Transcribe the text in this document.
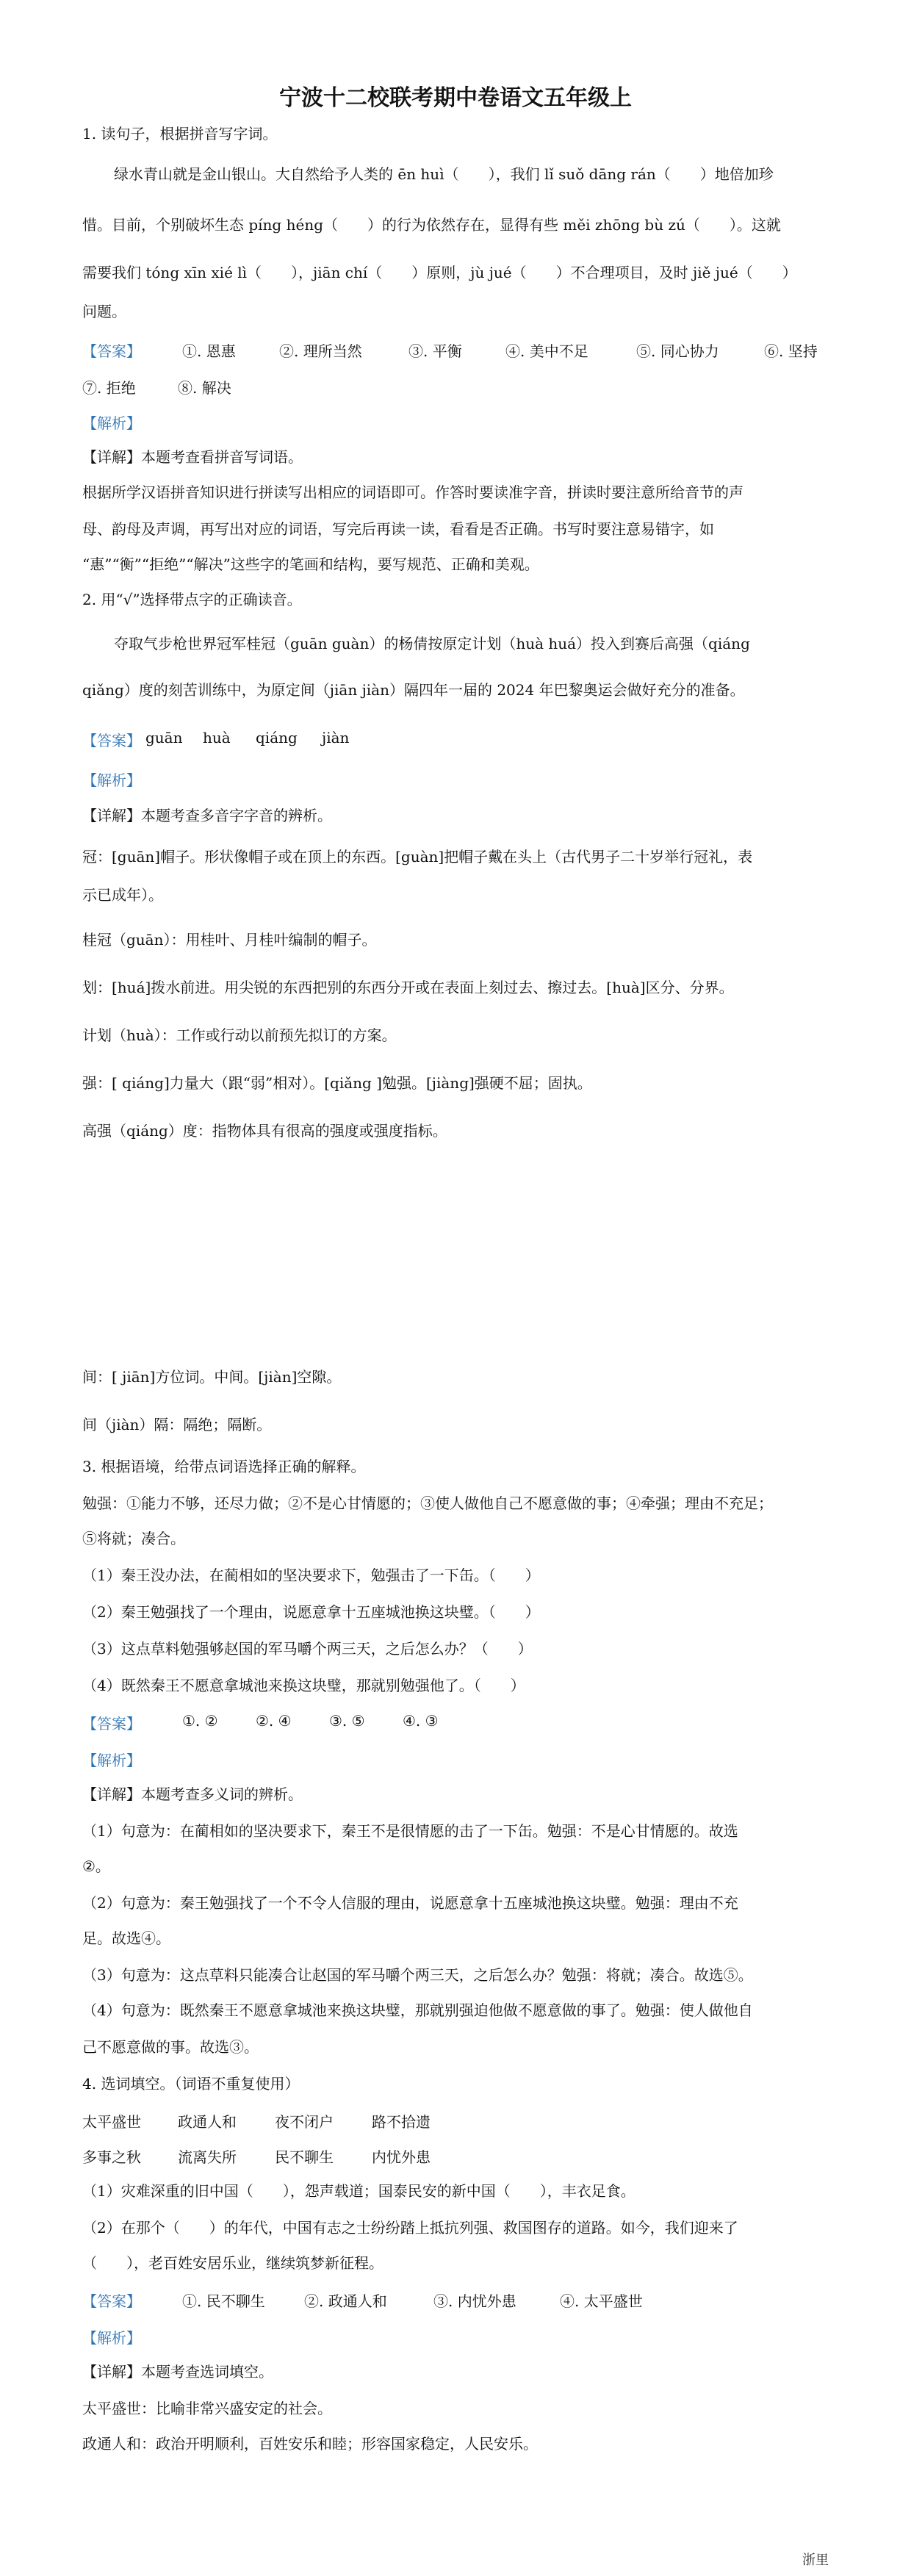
宁波十二校联考期中卷语文五年级上
1. 读句子，根据拼音写字词。
绿水青山就是金山银山。大自然给予人类的 ēn huì（　　），我们 lǐ suǒ dāng rán（　　）地倍加珍
惜。目前，个别破坏生态 píng héng（　　）的行为依然存在，显得有些 měi zhōng bù zú（　　）。这就
需要我们 tóng xīn xié lì（　　），jiān chí（　　）原则，jù jué（　　）不合理项目，及时 jiě jué（　　）
问题。
【答案】	①. 恩惠	②. 理所当然	③. 平衡	④. 美中不足	⑤. 同心协力	⑥. 坚持
⑦. 拒绝	⑧. 解决
【解析】
【详解】本题考查看拼音写词语。
根据所学汉语拼音知识进行拼读写出相应的词语即可。作答时要读准字音，拼读时要注意所给音节的声
母、韵母及声调，再写出对应的词语，写完后再读一读，看看是否正确。书写时要注意易错字，如
“惠”“衡”“拒绝”“解决”这些字的笔画和结构，要写规范、正确和美观。
2. 用“√”选择带点字的正确读音。
夺取气步枪世界冠军桂冠（guān guàn）的杨倩按原定计划（huà huá）投入到赛后高强（qiáng
qiǎng）度的刻苦训练中，为原定间（jiān jiàn）隔四年一届的 2024 年巴黎奥运会做好充分的准备。
【答案】 guān huà qiáng jiàn
【解析】
【详解】本题考查多音字字音的辨析。
冠：[guān]帽子。形状像帽子或在顶上的东西。[guàn]把帽子戴在头上（古代男子二十岁举行冠礼，表
示已成年）。
桂冠（guān）：用桂叶、月桂叶编制的帽子。
划：[huá]拨水前进。用尖锐的东西把别的东西分开或在表面上刻过去、擦过去。[huà]区分、分界。
计划（huà）：工作或行动以前预先拟订的方案。
强：[ qiáng]力量大（跟“弱”相对）。[qiǎng ]勉强。[jiàng]强硬不屈；固执。
高强（qiáng）度：指物体具有很高的强度或强度指标。
间：[ jiān]方位词。中间。[jiàn]空隙。
间（jiàn）隔：隔绝；隔断。
3. 根据语境，给带点词语选择正确的解释。
勉强：①能力不够，还尽力做；②不是心甘情愿的；③使人做他自己不愿意做的事；④牵强；理由不充足；
⑤将就；凑合。
（1）秦王没办法，在蔺相如的坚决要求下，勉强击了一下缶。（　　）
（2）秦王勉强找了一个理由，说愿意拿十五座城池换这块璧。（　　）
（3）这点草料勉强够赵国的军马嚼个两三天，之后怎么办？（　　）
（4）既然秦王不愿意拿城池来换这块璧，那就别勉强他了。（　　）
【答案】	①. ②	②. ④	③. ⑤	④. ③
【解析】
【详解】本题考查多义词的辨析。
（1）句意为：在蔺相如的坚决要求下，秦王不是很情愿的击了一下缶。勉强：不是心甘情愿的。故选
②。
（2）句意为：秦王勉强找了一个不令人信服的理由，说愿意拿十五座城池换这块璧。勉强：理由不充
足。故选④。
（3）句意为：这点草料只能凑合让赵国的军马嚼个两三天，之后怎么办？勉强：将就；凑合。故选⑤。
（4）句意为：既然秦王不愿意拿城池来换这块璧，那就别强迫他做不愿意做的事了。勉强：使人做他自
己不愿意做的事。故选③。
4. 选词填空。（词语不重复使用）
太平盛世	政通人和	夜不闭户	路不拾遗
多事之秋	流离失所	民不聊生	内忧外患
（1）灾难深重的旧中国（　　），怨声载道；国泰民安的新中国（　　），丰衣足食。
（2）在那个（　　）的年代，中国有志之士纷纷踏上抵抗列强、救国图存的道路。如今，我们迎来了
（　　），老百姓安居乐业，继续筑梦新征程。
【答案】	①. 民不聊生	②. 政通人和	③. 内忧外患	④. 太平盛世
【解析】
【详解】本题考查选词填空。
太平盛世：比喻非常兴盛安定的社会。
政通人和：政治开明顺利，百姓安乐和睦；形容国家稳定，人民安乐。
浙里
